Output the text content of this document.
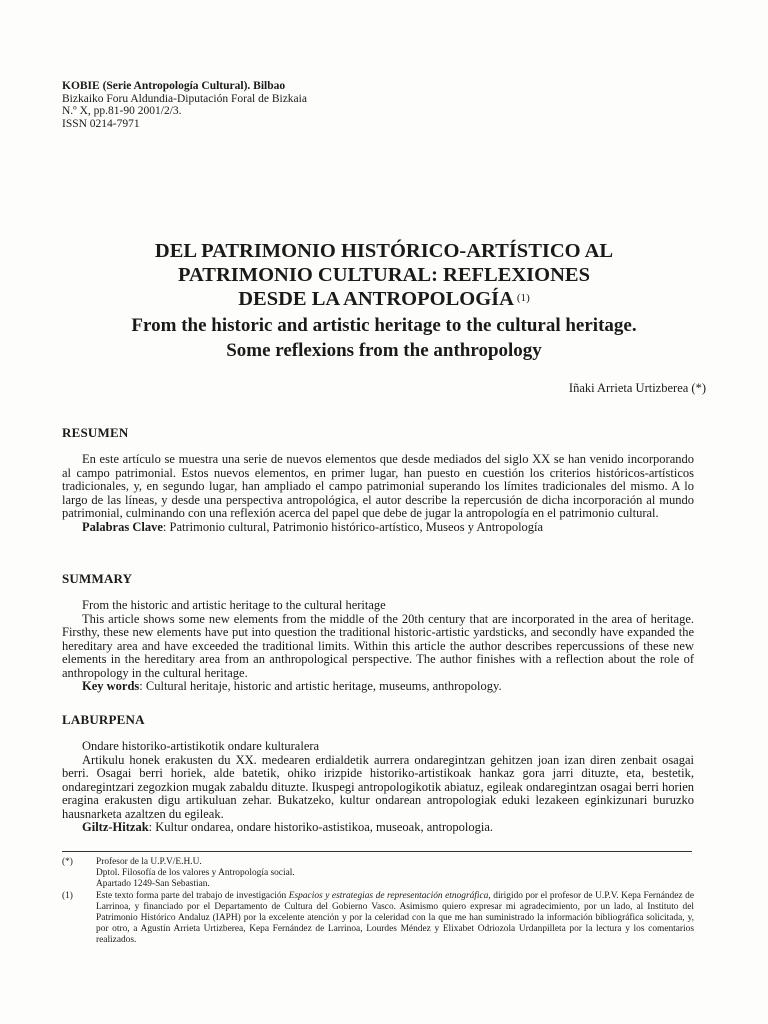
KOBIE (Serie Antropología Cultural). Bilbao
Bizkaiko Foru Aldundia-Diputación Foral de Bizkaia
N.º X, pp.81-90 2001/2/3.
ISSN 0214-7971
DEL PATRIMONIO HISTÓRICO-ARTÍSTICO AL
PATRIMONIO CULTURAL: REFLEXIONES
DESDE LA ANTROPOLOGÍA $^{(1)}$
From the historic and artistic heritage to the cultural heritage.
Some reflexions from the anthropology
Iñaki Arrieta Urtizberea (*)
RESUMEN

En este artículo se muestra una serie de nuevos elementos que desde mediados del siglo XX se han venido incorporando al campo patrimonial. Estos nuevos elementos, en primer lugar, han puesto en cuestión los criterios históricos-artísticos tradicionales, y, en segundo lugar, han ampliado el campo patrimonial superando los límites tradicionales del mismo. A lo largo de las líneas, y desde una perspectiva antropológica, el autor describe la repercusión de dicha incorporación al mundo patrimonial, culminando con una reflexión acerca del papel que debe de jugar la antropología en el patrimonio cultural.

Palabras Clave: Patrimonio cultural, Patrimonio histórico-artístico, Museos y Antropología

SUMMARY

From the historic and artistic heritage to the cultural heritage

This article shows some new elements from the middle of the 20th century that are incorporated in the area of heritage. Firsthy, these new elements have put into question the traditional historic-artistic yardsticks, and secondly have expanded the hereditary area and have exceeded the traditional limits. Within this article the author describes repercussions of these new elements in the hereditary area from an anthropological perspective. The author finishes with a reflection about the role of anthropology in the cultural heritage.

Key words: Cultural heritaje, historic and artistic heritage, museums, anthropology.

LABURPENA

Ondare historiko-artistikotik ondare kulturalera

Artikulu honek erakusten du XX. medearen erdialdetik aurrera ondaregintzan gehitzen joan izan diren zenbait osagai berri. Osagai berri horiek, alde batetik, ohiko irizpide historiko-artistikoak hankaz gora jarri dituzte, eta, bestetik, ondaregintzari zegozkion mugak zabaldu dituzte. Ikuspegi antropologikotik abiatuz, egileak ondaregintzan osagai berri horien eragina erakusten digu artikuluan zehar. Bukatzeko, kultur ondarean antropologiak eduki lezakeen eginkizunari buruzko hausnarketa azaltzen du egileak.

Giltz-Hitzak: Kultur ondarea, ondare historiko-astistikoa, museoak, antropologia.

(*)	Profesor de la U.P.V/E.H.U.
Dptol. Filosofía de los valores y Antropología social.
Apartado 1249-San Sebastian.
(1)	Este texto forma parte del trabajo de investigación Espacios y estrategias de representación etnográfica, dirigido por el profesor de U.P.V. Kepa Fernández de Larrinoa, y financiado por el Departamento de Cultura del Gobierno Vasco. Asimismo quiero expresar mi agradecimiento, por un lado, al Instituto del Patrimonio Histórico Andaluz (IAPH) por la excelente atención y por la celeridad con la que me han suministrado la información bibliográfica solicitada, y, por otro, a Agustín Arrieta Urtizberea, Kepa Fernández de Larrinoa, Lourdes Méndez y Elixabet Odriozola Urdanpilleta por la lectura y los comentarios realizados.
